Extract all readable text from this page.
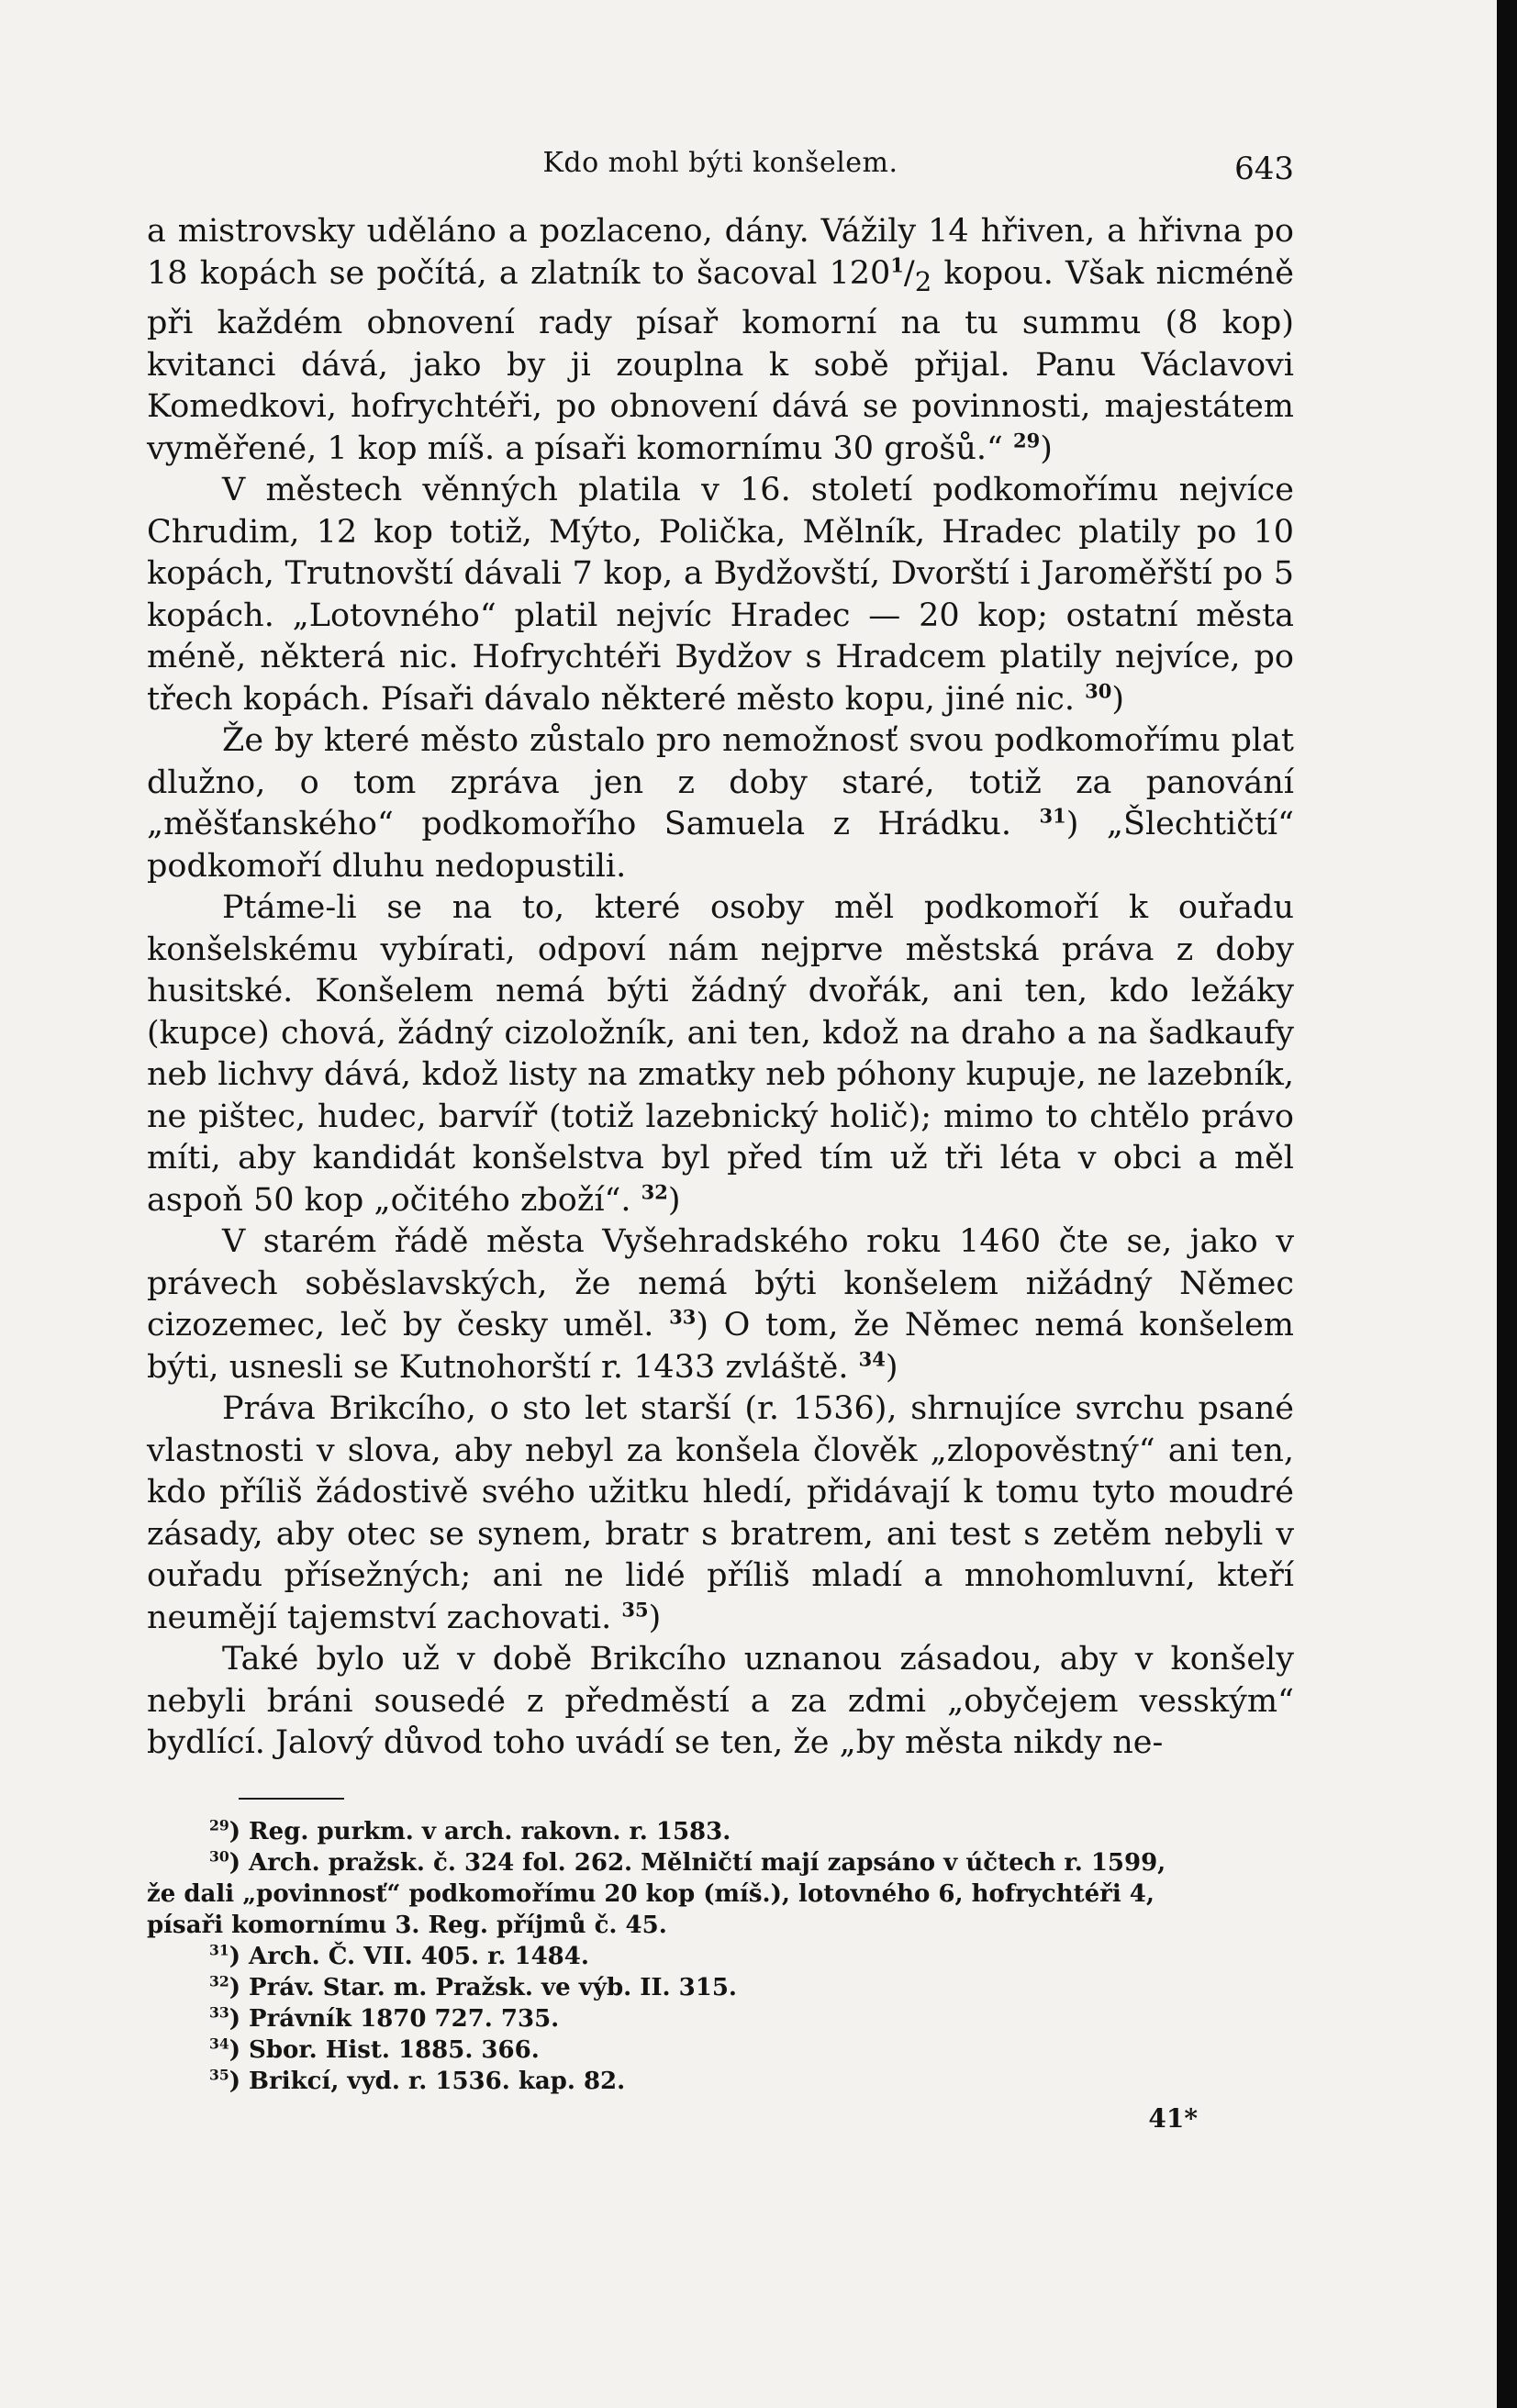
Kdo mohl býti konšelem.	643

a mistrovsky uděláno a pozlaceno, dány. Vážily 14 hřiven, a hřivna po 18 kopách se počítá, a zlatník to šacoval $120^1/_2$ kopou. Však nicméně při každém obnovení rady písař komorní na tu summu (8 kop) kvitanci dává, jako by ji zouplna k sobě přijal. Panu Václavovi Komedkovi, hofrychtéři, po obnovení dává se povinnosti, majestátem vyměřené, 1 kop míš. a písaři komornímu 30 grošů.“ $^{29}$)

V městech věnných platila v 16. století podkomořímu nejvíce Chrudim, 12 kop totiž, Mýto, Polička, Mělník, Hradec platily po 10 kopách, Trutnovští dávali 7 kop, a Bydžovští, Dvorští i Jaroměřští po 5 kopách. „Lotovného“ platil nejvíc Hradec — 20 kop; ostatní města méně, některá nic. Hofrychtéři Bydžov s Hradcem platily nejvíce, po třech kopách. Písaři dávalo některé město kopu, jiné nic. $^{30}$)

Že by které město zůstalo pro nemožnosť svou podkomořímu plat dlužno, o tom zpráva jen z doby staré, totiž za panování „měšťanského“ podkomořího Samuela z Hrádku. $^{31}$) „Šlechtičtí“ podkomoří dluhu nedopustili.

Ptáme-li se na to, které osoby měl podkomoří k ouřadu konšelskému vybírati, odpoví nám nejprve městská práva z doby husitské. Konšelem nemá býti žádný dvořák, ani ten, kdo ležáky (kupce) chová, žádný cizoložník, ani ten, kdož na draho a na šadkaufy neb lichvy dává, kdož listy na zmatky neb póhony kupuje, ne lazebník, ne pištec, hudec, barvíř (totiž lazebnický holič); mimo to chtělo právo míti, aby kandidát konšelstva byl před tím už tři léta v obci a měl aspoň 50 kop „očitého zboží“. $^{32}$)

V starém řádě města Vyšehradského roku 1460 čte se, jako v právech soběslavských, že nemá býti konšelem nižádný Němec cizozemec, leč by česky uměl. $^{33}$) O tom, že Němec nemá konšelem býti, usnesli se Kutnohorští r. 1433 zvláště. $^{34}$)

Práva Brikcího, o sto let starší (r. 1536), shrnujíce svrchu psané vlastnosti v slova, aby nebyl za konšela člověk „zlopověstný“ ani ten, kdo příliš žádostivě svého užitku hledí, přidávají k tomu tyto moudré zásady, aby otec se synem, bratr s bratrem, ani test s zetěm nebyli v ouřadu přísežných; ani ne lidé příliš mladí a mnohomluvní, kteří neumějí tajemství zachovati. $^{35}$)

Také bylo už v době Brikcího uznanou zásadou, aby v konšely nebyli bráni sousedé z předměstí a za zdmi „obyčejem vesským“ bydlící. Jalový důvod toho uvádí se ten, že „by města nikdy ne-

$^{29}$) Reg. purkm. v arch. rakovn. r. 1583.
$^{30}$) Arch. pražsk. č. 324 fol. 262. Mělničtí mají zapsáno v účtech r. 1599,
že dali „povinnosť“ podkomořímu 20 kop (míš.), lotovného 6, hofrychtéři 4,
písaři komornímu 3. Reg. příjmů č. 45.
$^{31}$) Arch. Č. VII. 405. r. 1484.
$^{32}$) Práv. Star. m. Pražsk. ve výb. II. 315.
$^{33}$) Právník 1870 727. 735.
$^{34}$) Sbor. Hist. 1885. 366.
$^{35}$) Brikcí, vyd. r. 1536. kap. 82.
41*
